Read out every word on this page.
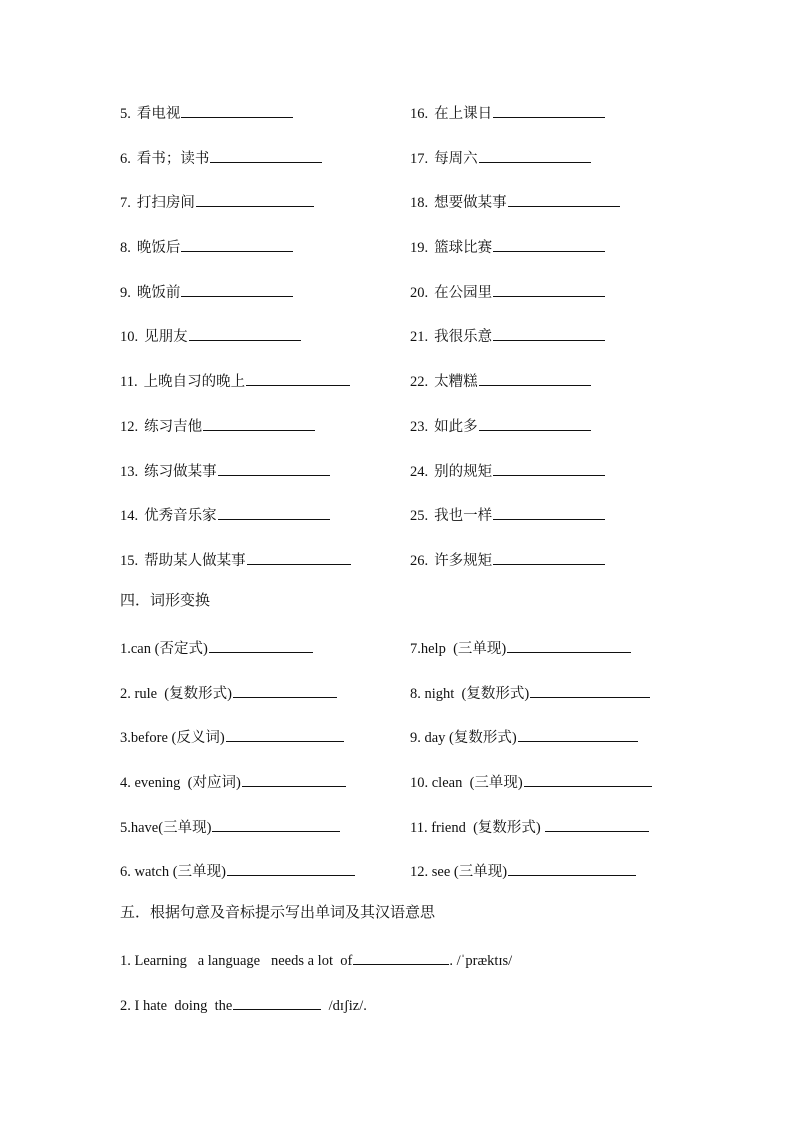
5. 看电视	16. 在上课日
6. 看书；读书	17. 每周六
7. 打扫房间	18. 想要做某事
8. 晚饭后	19. 篮球比赛
9. 晚饭前	20. 在公园里
10. 见朋友	21. 我很乐意
11. 上晚自习的晚上	22. 太糟糕
12. 练习吉他	23. 如此多
13. 练习做某事	24. 别的规矩
14. 优秀音乐家	25. 我也一样
15. 帮助某人做某事	26. 许多规矩
四．词形变换
1.can (否定式)	7.help  (三单现)
2. rule  (复数形式)	8. night  (复数形式)
3.before (反义词)	9. day (复数形式)
4. evening  (对应词)	10. clean  (三单现)
5.have(三单现)	11. friend  (复数形式)
6. watch (三单现)	12. see (三单现)
五．根据句意及音标提示写出单词及其汉语意思
1. Learning   a language   needs a lot  of	. /ˈpræktɪs/
2. I hate  doing  the	/dɪʃiz/.
